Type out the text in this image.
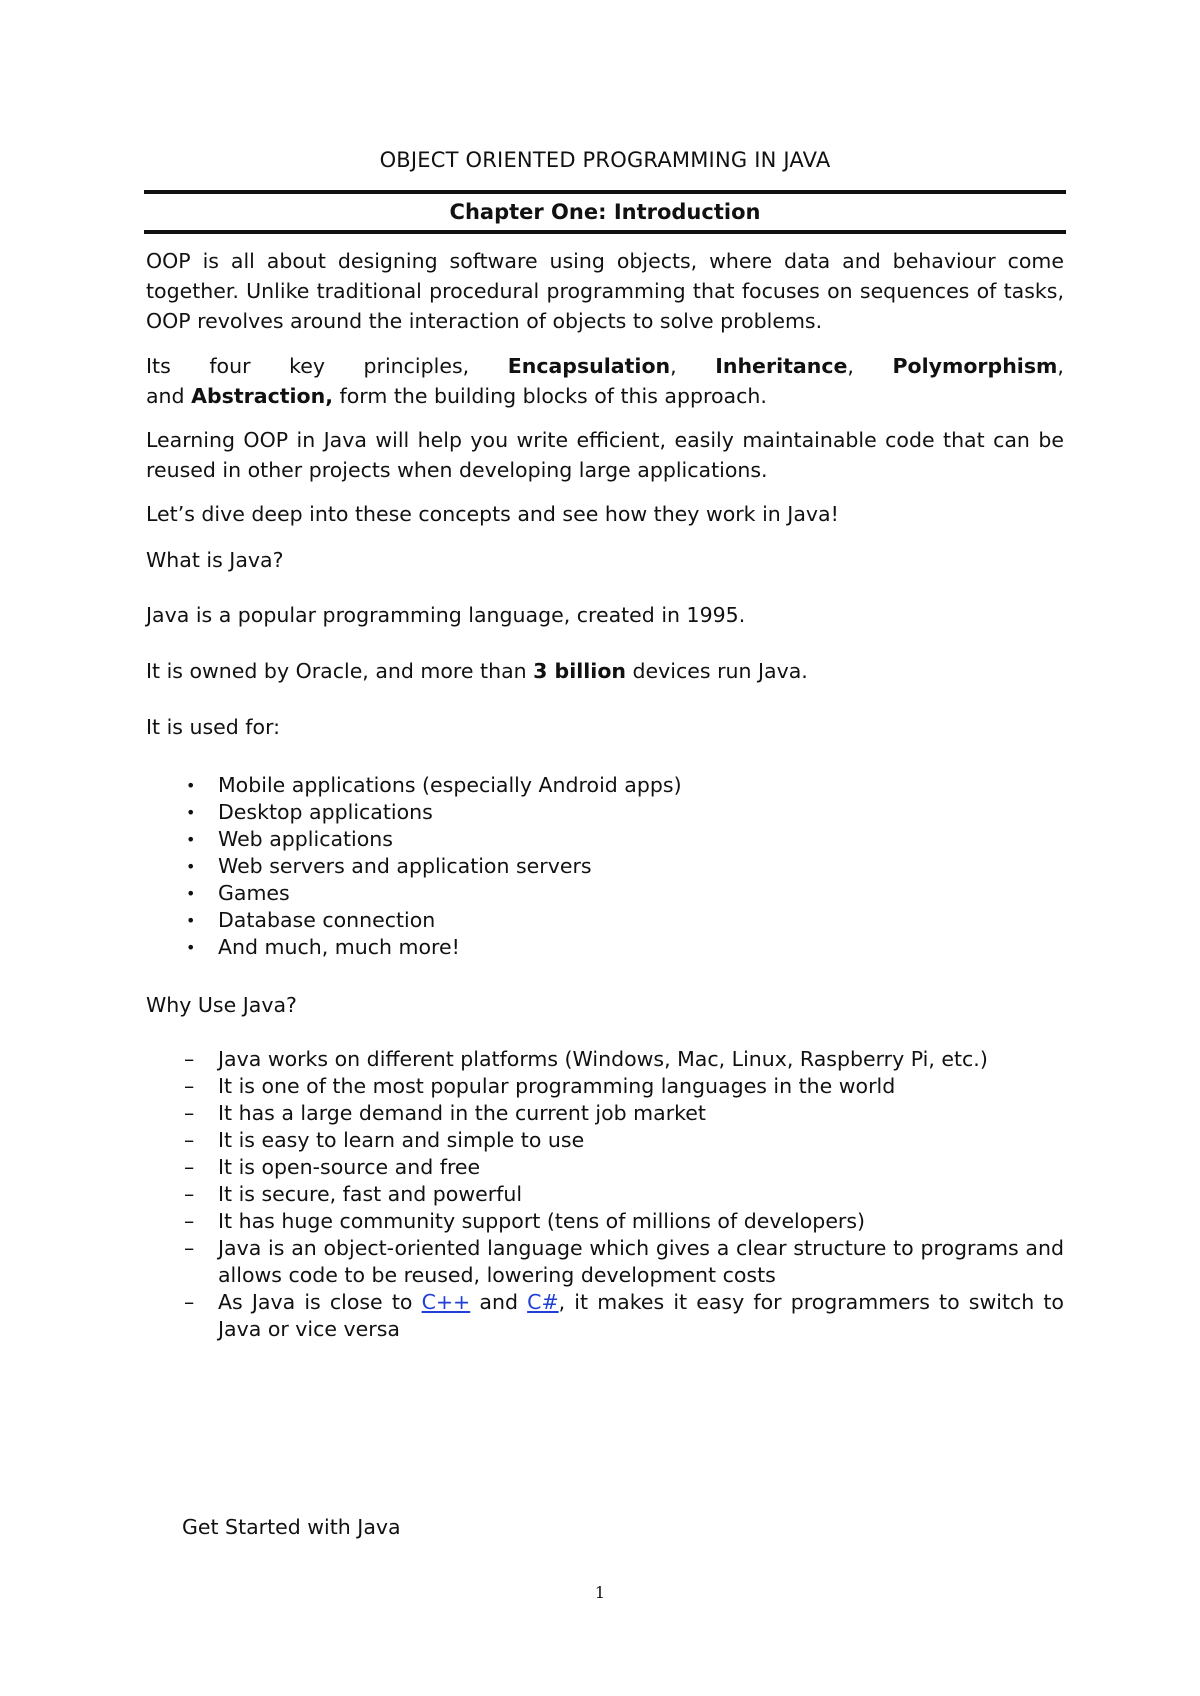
OBJECT ORIENTED PROGRAMMING IN JAVA
Chapter One: Introduction

OOP is all about designing software using objects, where data and behaviour come together. Unlike traditional procedural programming that focuses on sequences of tasks, OOP revolves around the interaction of objects to solve problems.

Its four key principles, Encapsulation, Inheritance, Polymorphism,
and Abstraction, form the building blocks of this approach.

Learning OOP in Java will help you write efficient, easily maintainable code that can be reused in other projects when developing large applications.

Let’s dive deep into these concepts and see how they work in Java!

What is Java?

Java is a popular programming language, created in 1995.

It is owned by Oracle, and more than 3 billion devices run Java.

It is used for:

• Mobile applications (especially Android apps)
• Desktop applications
• Web applications
• Web servers and application servers
• Games
• Database connection
• And much, much more!

Why Use Java?

– Java works on different platforms (Windows, Mac, Linux, Raspberry Pi, etc.)
– It is one of the most popular programming languages in the world
– It has a large demand in the current job market
– It is easy to learn and simple to use
– It is open-source and free
– It is secure, fast and powerful
– It has huge community support (tens of millions of developers)
– Java is an object-oriented language which gives a clear structure to programs and allows code to be reused, lowering development costs
– As Java is close to C++ and C#, it makes it easy for programmers to switch to Java or vice versa

Get Started with Java

1
